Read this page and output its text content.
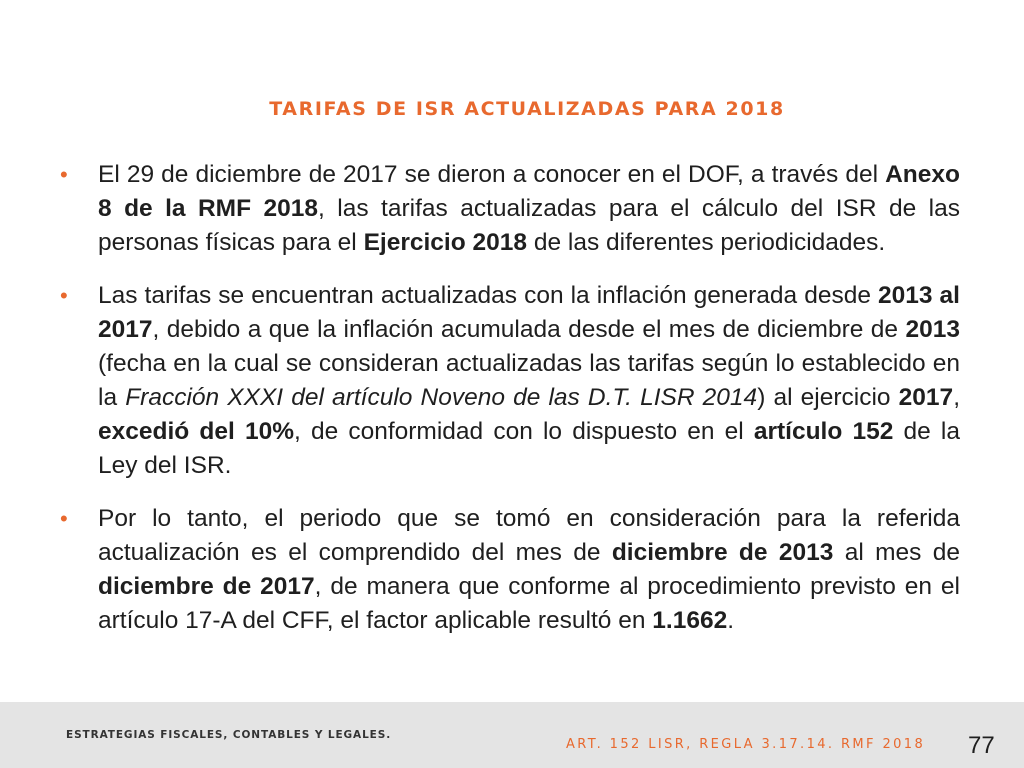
TARIFAS DE ISR ACTUALIZADAS PARA 2018
• El 29 de diciembre de 2017 se dieron a conocer en el DOF, a través del Anexo 8 de la RMF 2018, las tarifas actualizadas para el cálculo del ISR de las personas físicas para el Ejercicio 2018 de las diferentes periodicidades.
• Las tarifas se encuentran actualizadas con la inflación generada desde 2013 al 2017, debido a que la inflación acumulada desde el mes de diciembre de 2013 (fecha en la cual se consideran actualizadas las tarifas según lo establecido en la Fracción XXXI del artículo Noveno de las D.T. LISR 2014) al ejercicio 2017, excedió del 10%, de conformidad con lo dispuesto en el artículo 152 de la Ley del ISR.
• Por lo tanto, el periodo que se tomó en consideración para la referida actualización es el comprendido del mes de diciembre de 2013 al mes de diciembre de 2017, de manera que conforme al procedimiento previsto en el artículo 17-A del CFF, el factor aplicable resultó en 1.1662.
ESTRATEGIAS FISCALES, CONTABLES Y LEGALES.
ART. 152 LISR, REGLA 3.17.14. RMF 2018 77
